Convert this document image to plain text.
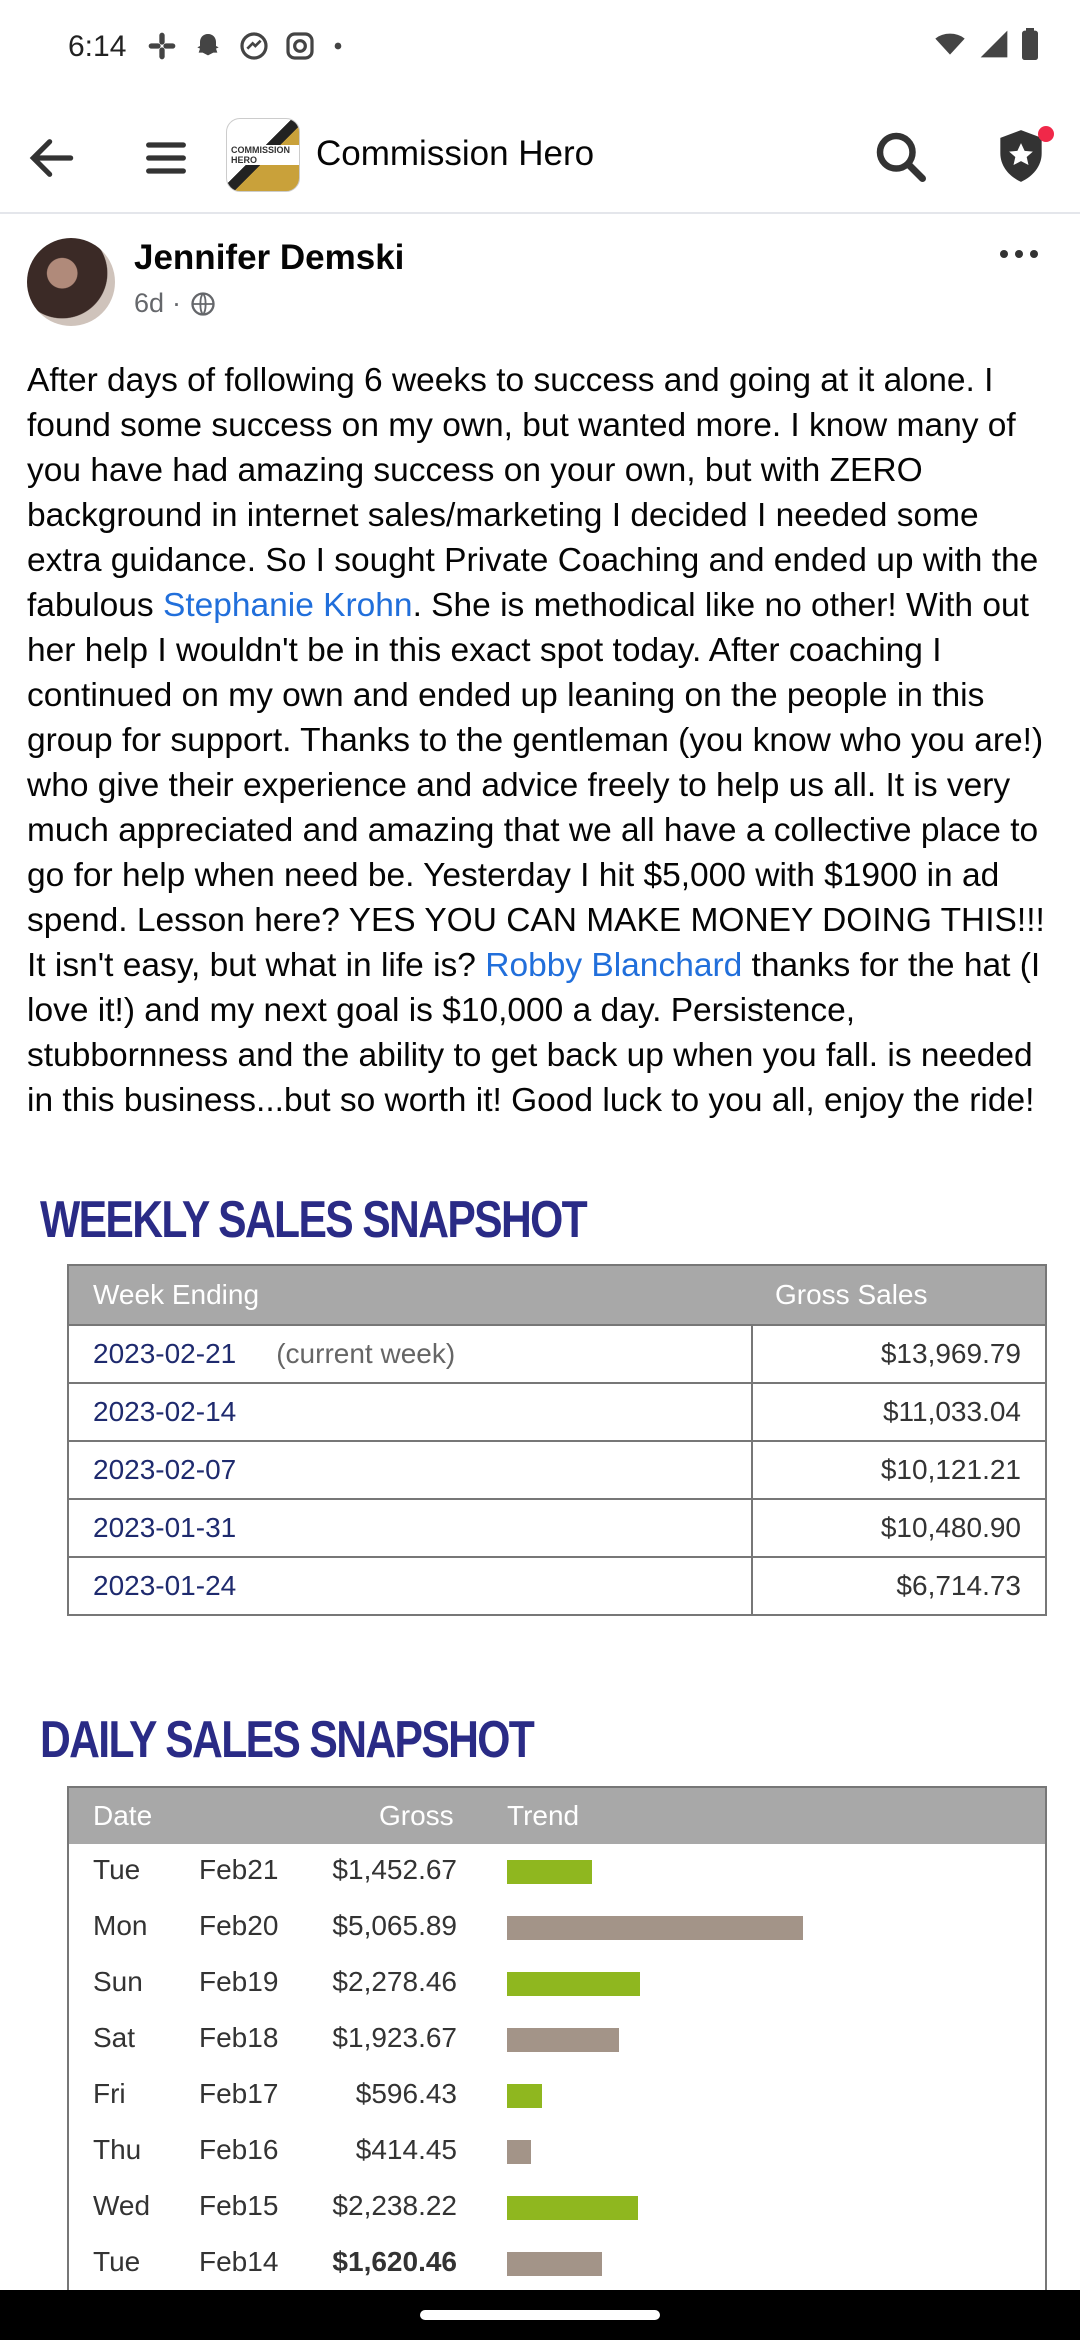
6:14
COMMISSION HERO	Commission Hero
Jennifer Demski
6d ·
After days of following 6 weeks to success and going at it alone. I found some success on my own, but wanted more. I know many of you have had amazing success on your own, but with ZERO background in internet sales/marketing I decided I needed some extra guidance. So I sought Private Coaching and ended up with the fabulous Stephanie Krohn. She is methodical like no other! With out her help I wouldn't be in this exact spot today. After coaching I continued on my own and ended up leaning on the people in this group for support. Thanks to the gentleman (you know who you are!) who give their experience and advice freely to help us all. It is very much appreciated and amazing that we all have a collective place to go for help when need be. Yesterday I hit $5,000 with $1900 in ad spend. Lesson here? YES YOU CAN MAKE MONEY DOING THIS!!! It isn't easy, but what in life is? Robby Blanchard thanks for the hat (I love it!) and my next goal is $10,000 a day. Persistence, stubbornness and the ability to get back up when you fall. is needed in this business...but so worth it! Good luck to you all, enjoy the ride!
WEEKLY SALES SNAPSHOT
Week Ending	Gross Sales
2023-02-21 (current week)	$13,969.79
2023-02-14	$11,033.04
2023-02-07	$10,121.21
2023-01-31	$10,480.90
2023-01-24	$6,714.73
DAILY SALES SNAPSHOT
Date	Gross Trend
Tue Feb21 $1,452.67
Mon Feb20 $5,065.89
Sun Feb19 $2,278.46
Sat Feb18 $1,923.67
Fri	Feb17	$596.43
Thu Feb16	$414.45
Wed Feb15 $2,238.22
Tue Feb14 $1,620.46
